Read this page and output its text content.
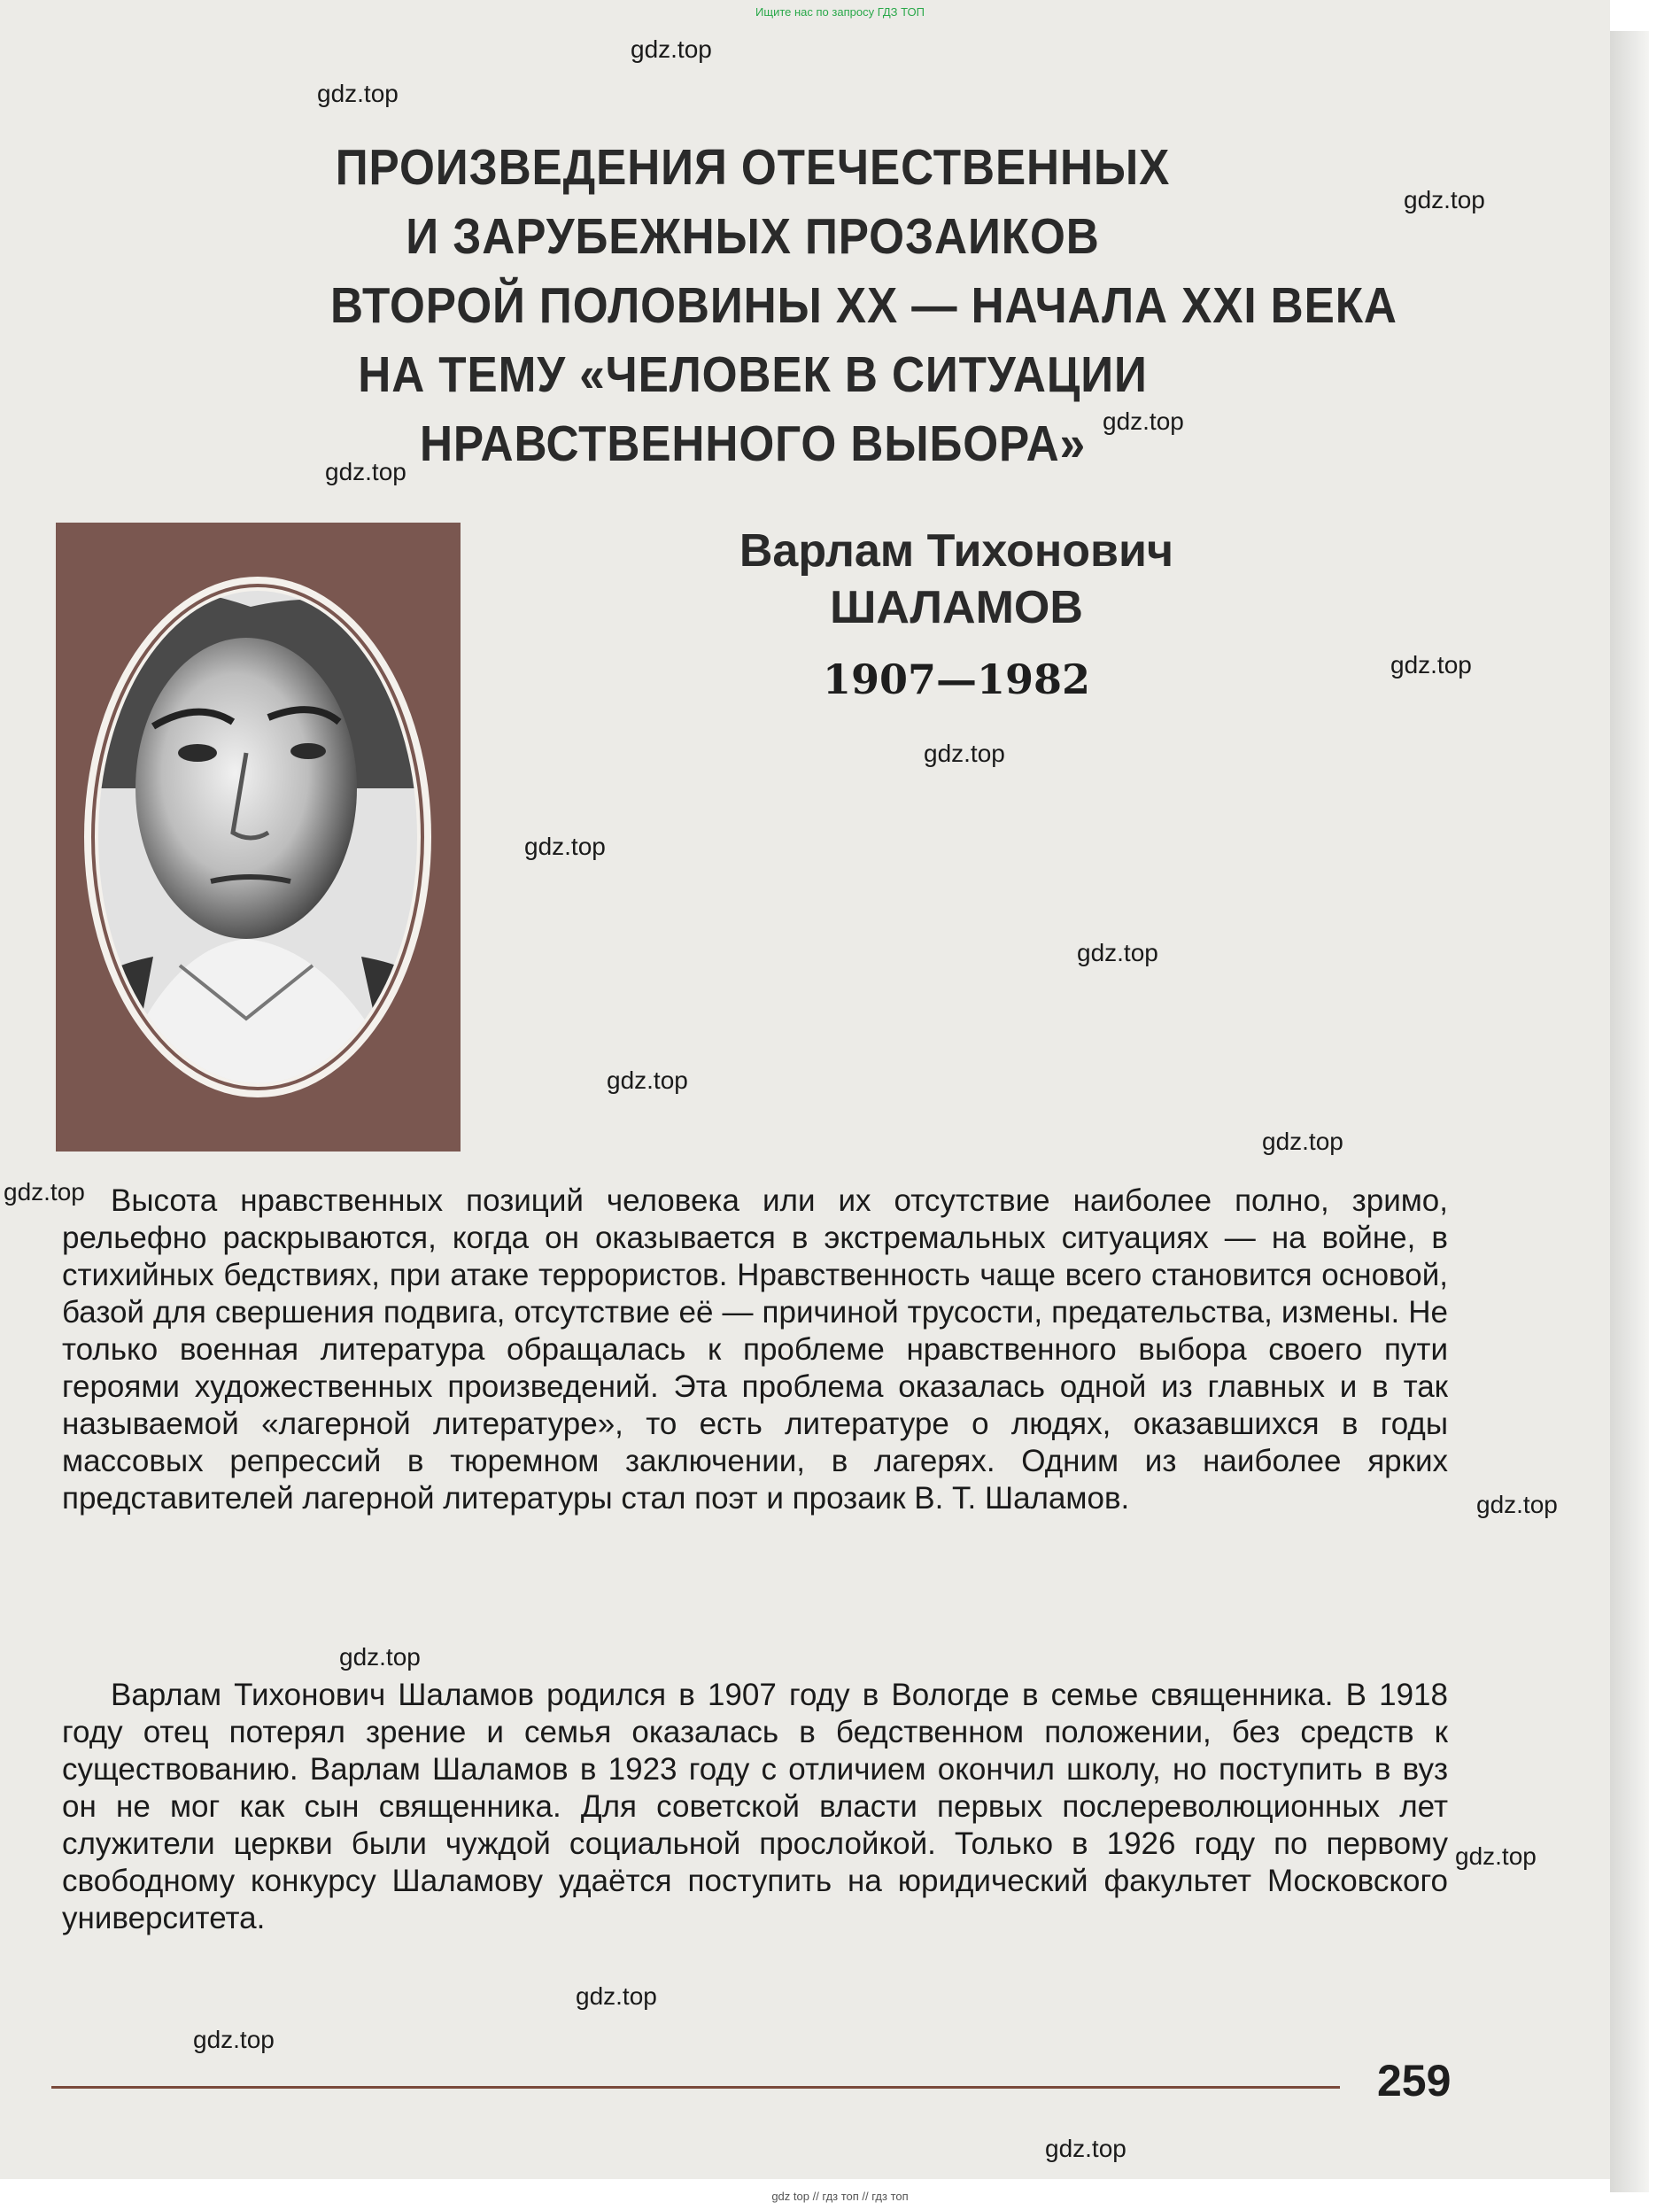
Ищите нас по запросу ГДЗ ТОП
ПРОИЗВЕДЕНИЯ ОТЕЧЕСТВЕННЫХ
И ЗАРУБЕЖНЫХ ПРОЗАИКОВ
ВТОРОЙ ПОЛОВИНЫ XX — НАЧАЛА XXI ВЕКА
НА ТЕМУ «ЧЕЛОВЕК В СИТУАЦИИ
НРАВСТВЕННОГО ВЫБОРА»
Варлам Тихонович
ШАЛАМОВ
1907—1982
Высота нравственных позиций человека или их отсутствие наиболее полно, зримо, рельефно раскрываются, когда он оказывается в экстремальных ситуациях — на войне, в стихийных бедствиях, при атаке террористов. Нравственность чаще всего становится основой, базой для свершения подвига, отсутствие её — причиной трусости, предательства, измены. Не только военная литература обращалась к проблеме нравственного выбора своего пути героями художественных произведений. Эта проблема оказалась одной из главных и в так называемой «лагерной литературе», то есть литературе о людях, оказавшихся в годы массовых репрессий в тюремном заключении, в лагерях. Одним из наиболее ярких представителей лагерной литературы стал поэт и прозаик В. Т. Шаламов.
Варлам Тихонович Шаламов родился в 1907 году в Вологде в семье священника. В 1918 году отец потерял зрение и семья оказалась в бедственном положении, без средств к существованию. Варлам Шаламов в 1923 году с отличием окончил школу, но поступить в вуз он не мог как сын священника. Для советской власти первых послереволюционных лет служители церкви были чуждой социальной прослойкой. Только в 1926 году по первому свободному конкурсу Шаламову удаётся поступить на юридический факультет Московского университета.
259
gdz.top
gdz.top
gdz.top
gdz.top
gdz.top
gdz.top
gdz.top
gdz.top
gdz.top
gdz.top
gdz.top
gdz.top
gdz.top
gdz.top
gdz.top
gdz.top
gdz.top
gdz.top
gdz top // гдз топ // гдз топ
